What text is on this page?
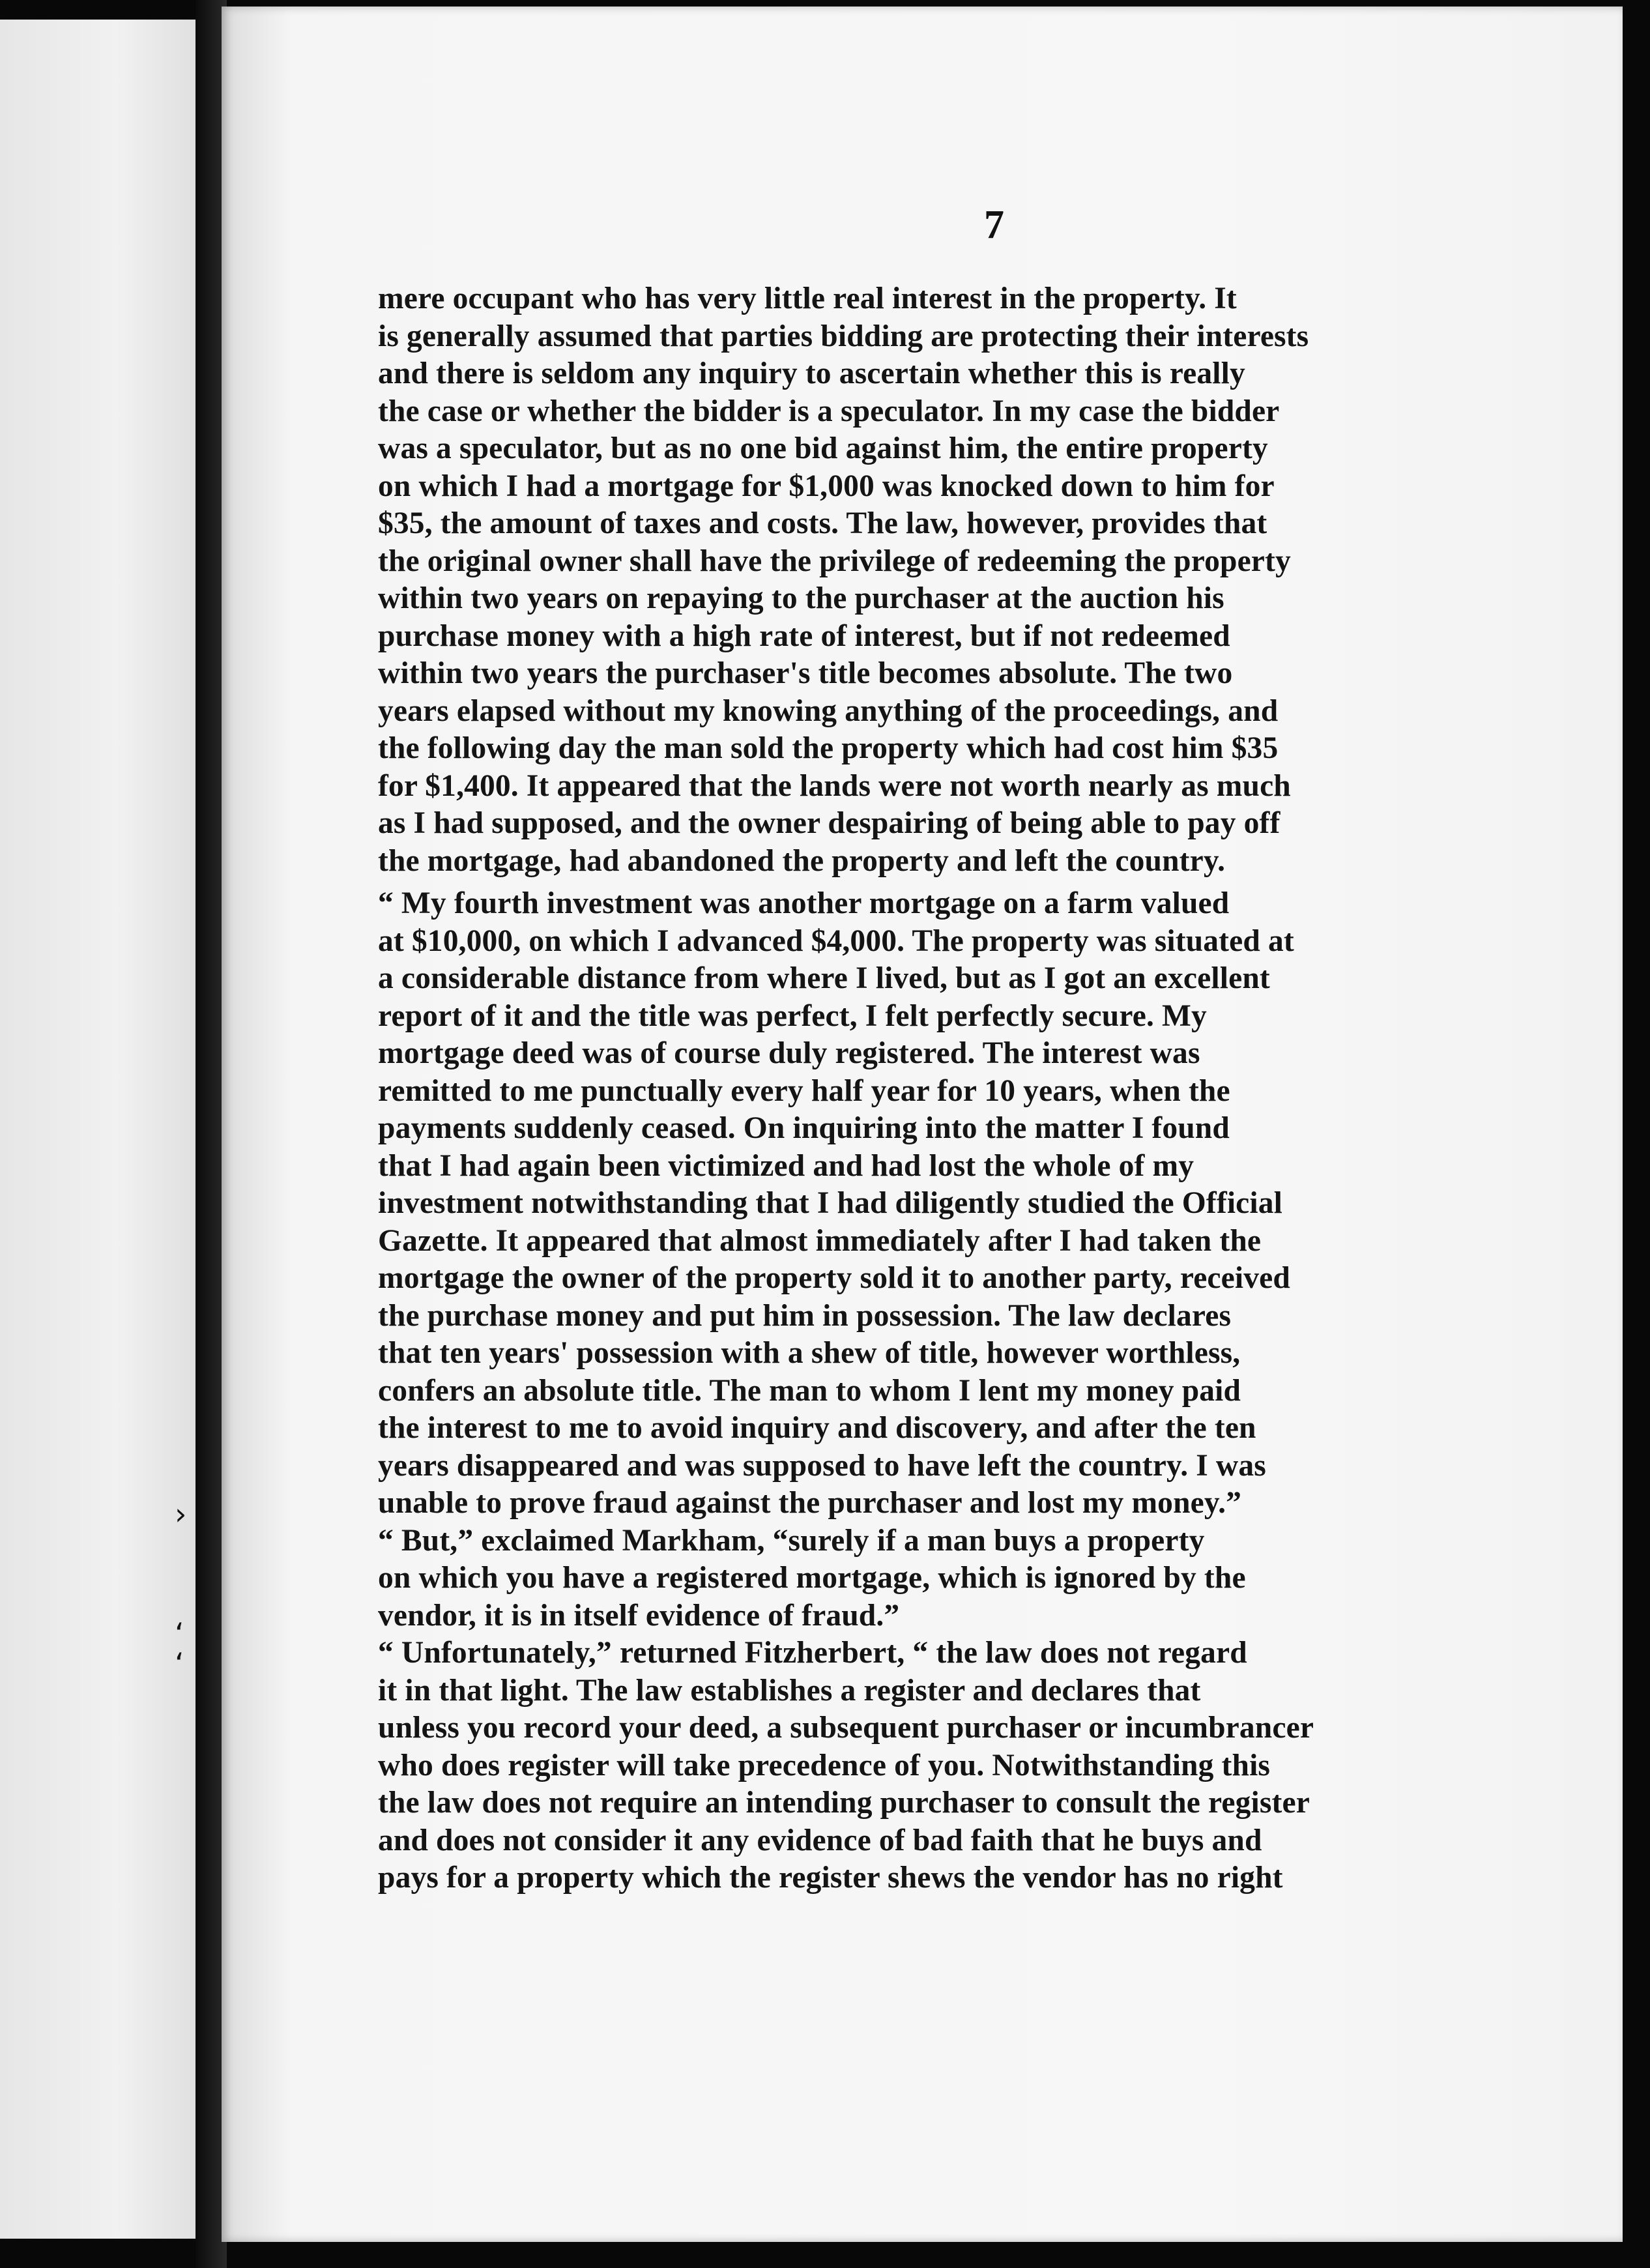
›

‘ ‘

7

mere occupant who has very little real interest in the property. It
is generally assumed that parties bidding are protecting their interests
and there is seldom any inquiry to ascertain whether this is really
the case or whether the bidder is a speculator. In my case the bidder
was a speculator, but as no one bid against him, the entire property
on which I had a mortgage for $1,000 was knocked down to him for
$35, the amount of taxes and costs. The law, however, provides that
the original owner shall have the privilege of redeeming the property
within two years on repaying to the purchaser at the auction his
purchase money with a high rate of interest, but if not redeemed
within two years the purchaser's title becomes absolute. The two
years elapsed without my knowing anything of the proceedings, and
the following day the man sold the property which had cost him $35
for $1,400. It appeared that the lands were not worth nearly as much
as I had supposed, and the owner despairing of being able to pay off
the mortgage, had abandoned the property and left the country.
“ My fourth investment was another mortgage on a farm valued
at $10,000, on which I advanced $4,000. The property was situated at
a considerable distance from where I lived, but as I got an excellent
report of it and the title was perfect, I felt perfectly secure. My
mortgage deed was of course duly registered. The interest was
remitted to me punctually every half year for 10 years, when the
payments suddenly ceased. On inquiring into the matter I found
that I had again been victimized and had lost the whole of my
investment notwithstanding that I had diligently studied the Official
Gazette. It appeared that almost immediately after I had taken the
mortgage the owner of the property sold it to another party, received
the purchase money and put him in possession. The law declares
that ten years' possession with a shew of title, however worthless,
confers an absolute title. The man to whom I lent my money paid
the interest to me to avoid inquiry and discovery, and after the ten
years disappeared and was supposed to have left the country. I was
unable to prove fraud against the purchaser and lost my money.”
“ But,” exclaimed Markham, “surely if a man buys a property
on which you have a registered mortgage, which is ignored by the
vendor, it is in itself evidence of fraud.”
“ Unfortunately,” returned Fitzherbert, “ the law does not regard
it in that light. The law establishes a register and declares that
unless you record your deed, a subsequent purchaser or incumbrancer
who does register will take precedence of you. Notwithstanding this
the law does not require an intending purchaser to consult the register
and does not consider it any evidence of bad faith that he buys and
pays for a property which the register shews the vendor has no right
